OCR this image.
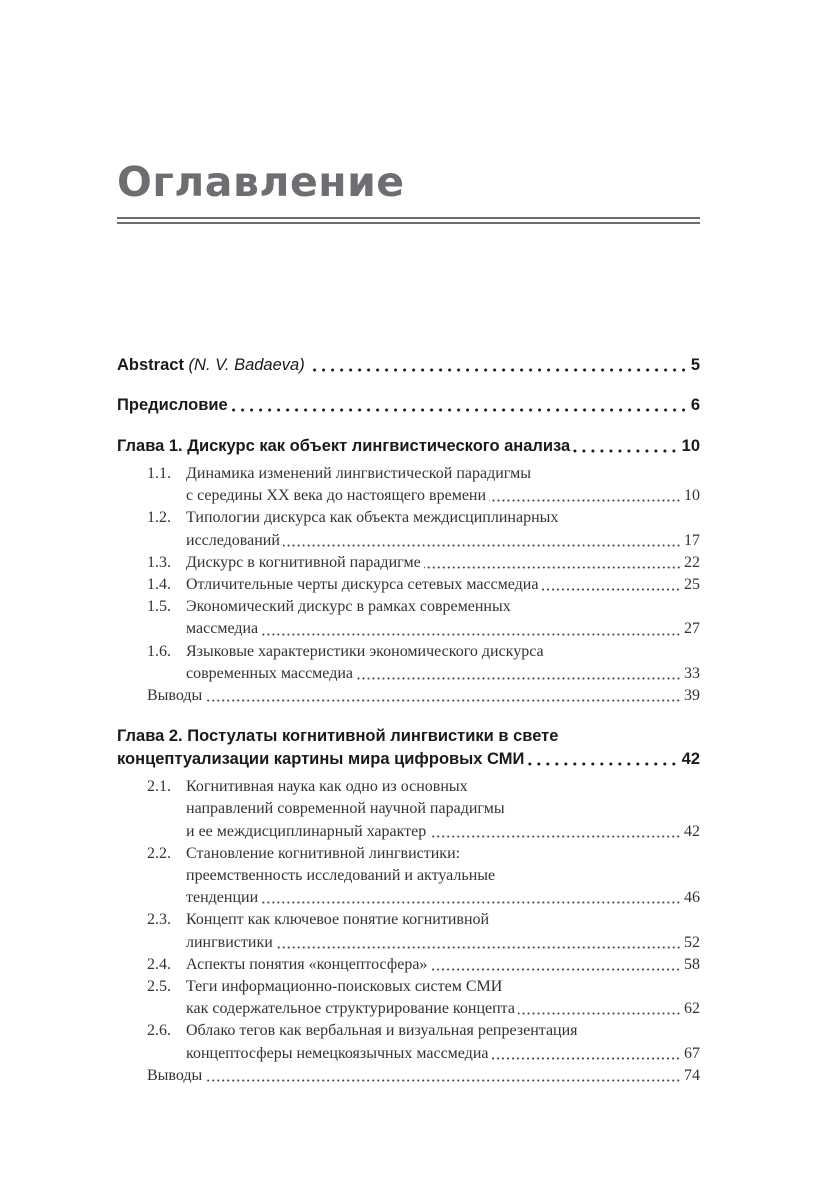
Оглавление
Abstract (N. V. Badaeva)	5
Предисловие	6
Глава 1. Дискурс как объект лингвистического анализа	10
1.1. Динамика изменений лингвистической парадигмы
с середины XX века до настоящего времени	10
1.2. Типологии дискурса как объекта междисциплинарных
исследований	17
1.3. Дискурс в когнитивной парадигме	22
1.4. Отличительные черты дискурса сетевых массмедиа	25
1.5. Экономический дискурс в рамках современных
массмедиа	27
1.6. Языковые характеристики экономического дискурса
современных массмедиа	33
Выводы	39
Глава 2. Постулаты когнитивной лингвистики в свете
концептуализации картины мира цифровых СМИ	42
2.1. Когнитивная наука как одно из основных
направлений современной научной парадигмы
и ее междисциплинарный характер	42
2.2. Становление когнитивной лингвистики:
преемственность исследований и актуальные
тенденции	46
2.3. Концепт как ключевое понятие когнитивной
лингвистики	52
2.4. Аспекты понятия «концептосфера»	58
2.5. Теги информационно-поисковых систем СМИ
как содержательное структурирование концепта	62
2.6. Облако тегов как вербальная и визуальная репрезентация
концептосферы немецкоязычных массмедиа	67
Выводы	74
